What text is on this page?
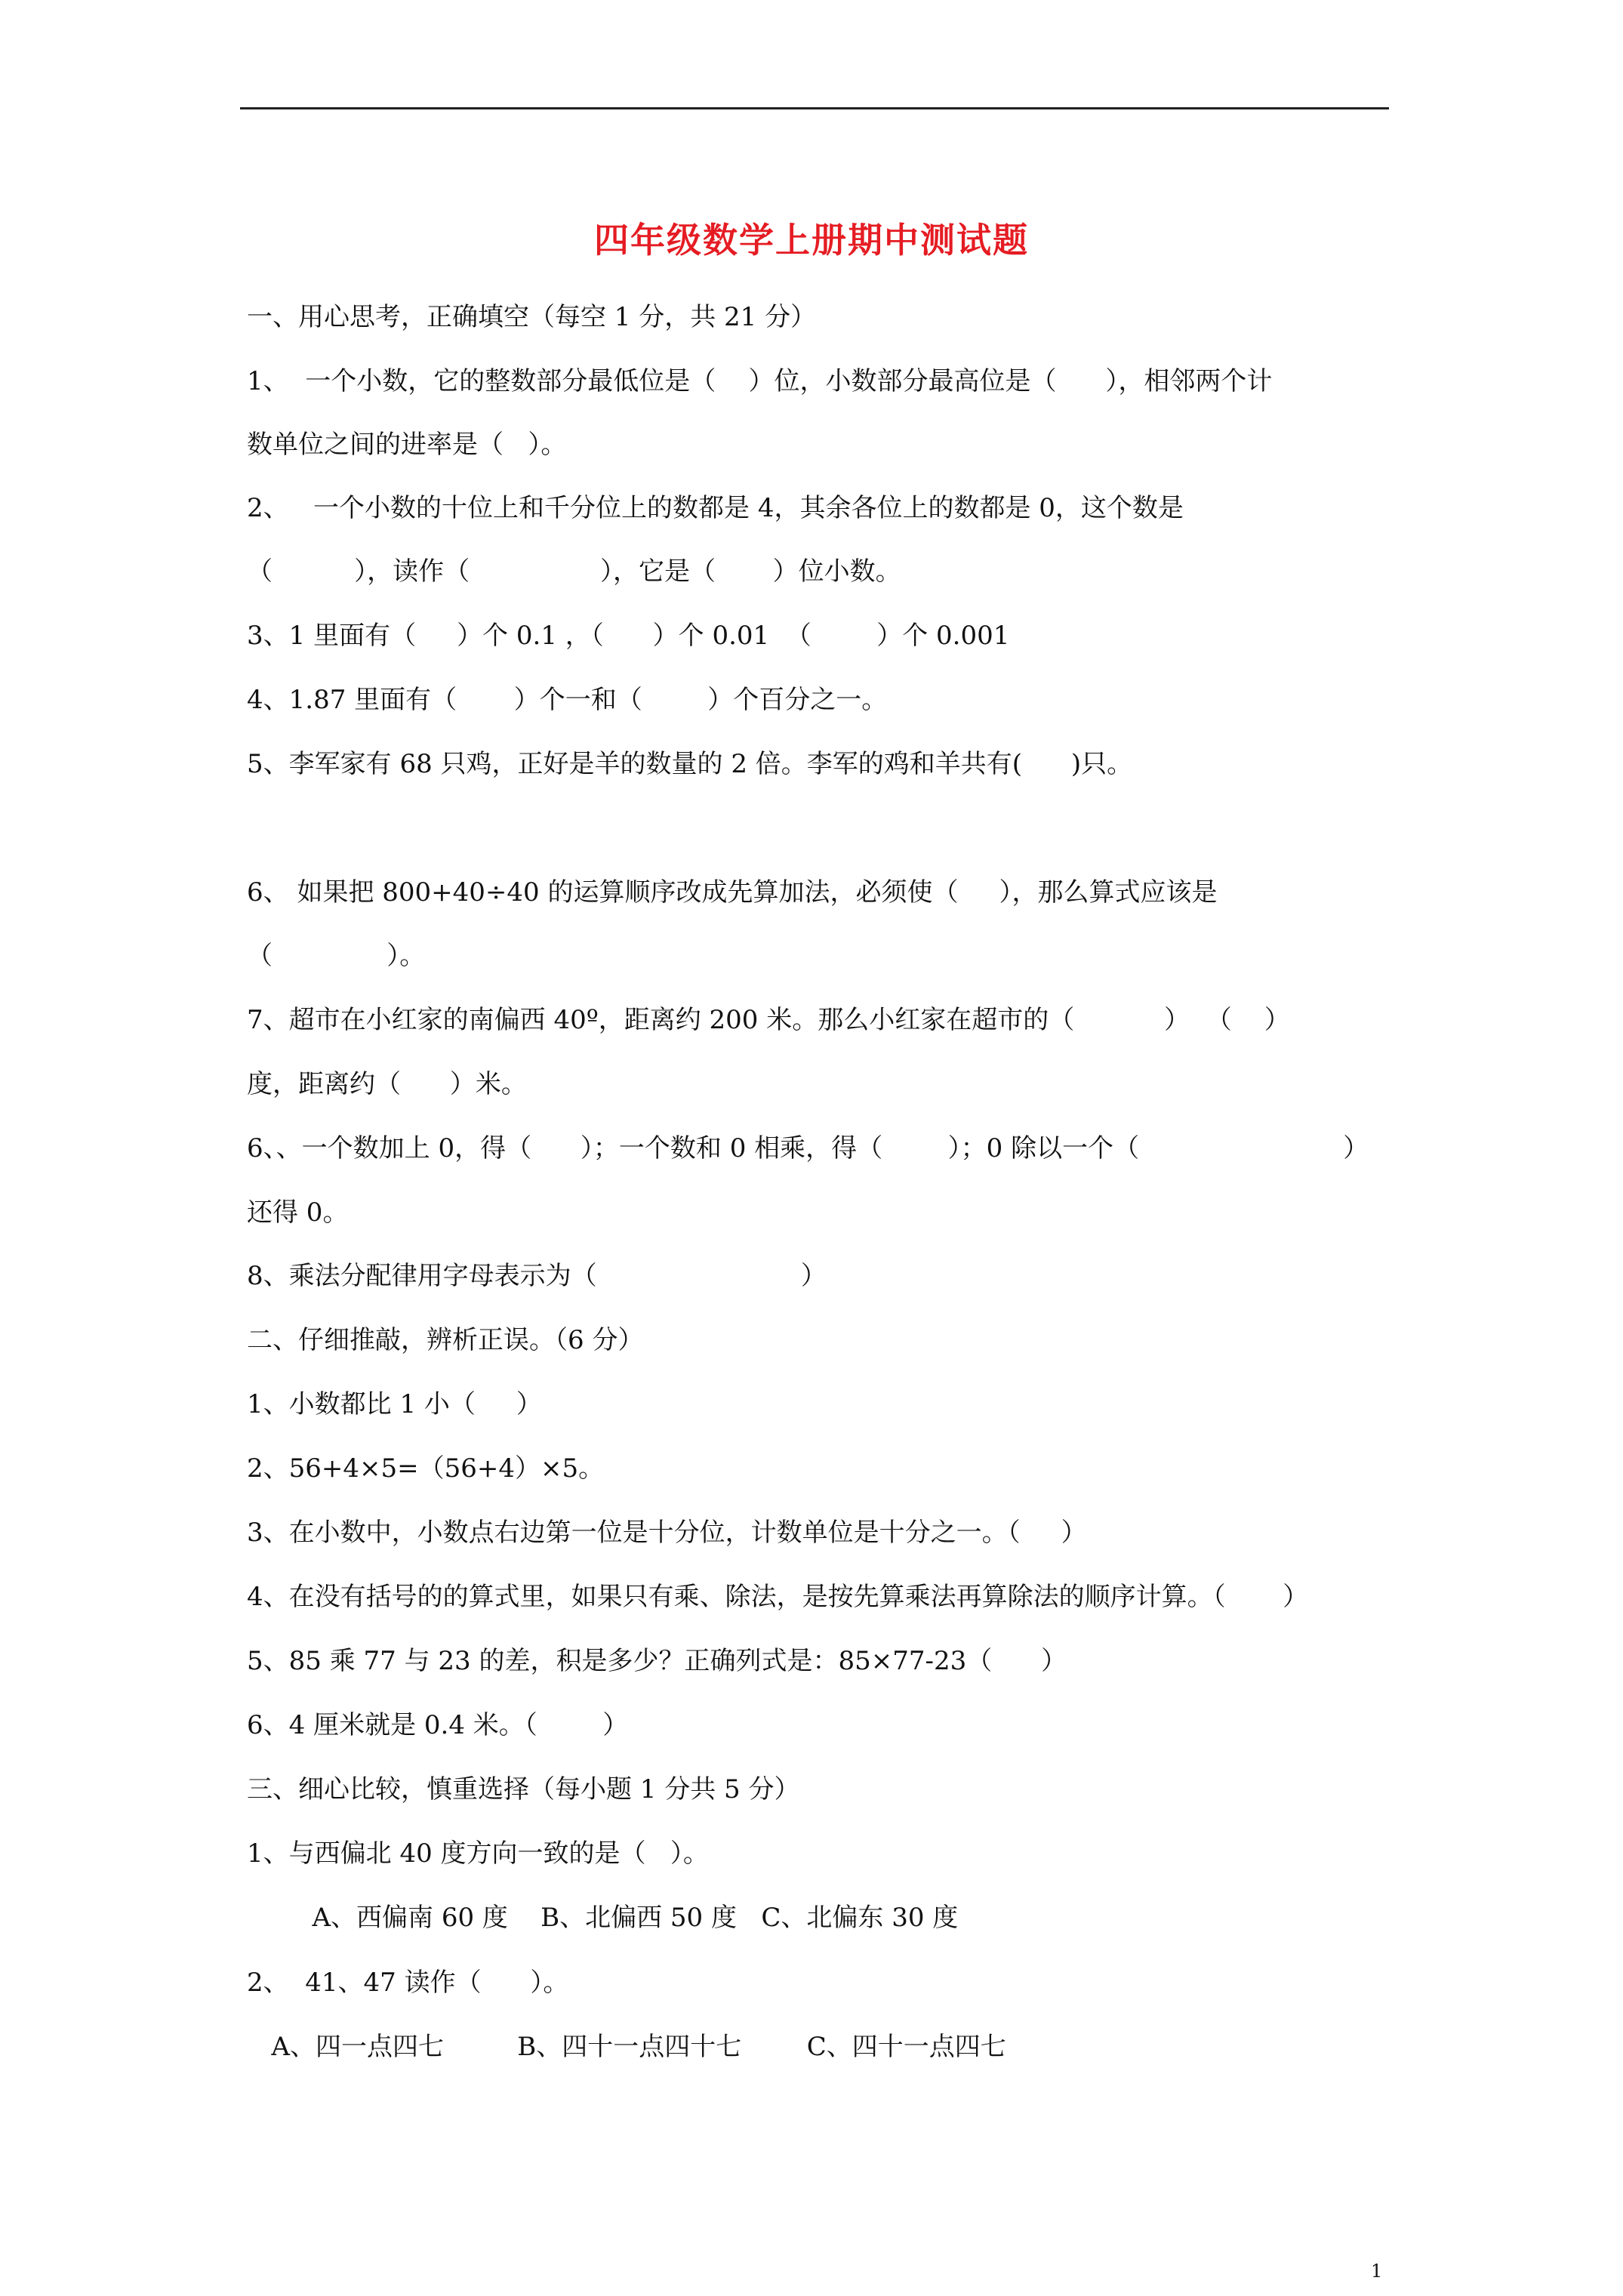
四年级数学上册期中测试题
一、用心思考，正确填空（每空 1 分，共 21 分）
1、  一个小数，它的整数部分最低位是（    ）位，小数部分最高位是（      ），相邻两个计
数单位之间的进率是（   ）。
2、   一个小数的十位上和千分位上的数都是 4，其余各位上的数都是 0，这个数是
（          ），读作（                ），它是（       ）位小数。
3、1 里面有（     ）个 0.1 ，（      ）个 0.01  （        ）个 0.001
4、1.87 里面有（       ）个一和（        ）个百分之一。
5、李军家有 68 只鸡，正好是羊的数量的 2 倍。李军的鸡和羊共有(      )只。
6、 如果把 800+40÷40 的运算顺序改成先算加法，必须使（     ），那么算式应该是
（              ）。
7、超市在小红家的南偏西 40º，距离约 200 米。那么小红家在超市的（           ）  （    ）
度，距离约（      ）米。
6、、一个数加上 0，得（      ）；一个数和 0 相乘，得（        ）；0 除以一个（                         ）
还得 0。
8、乘法分配律用字母表示为（                         ）
二、仔细推敲，辨析正误。（6 分）
1、小数都比 1 小（     ）
2、56+4×5=（56+4）×5。
3、在小数中，小数点右边第一位是十分位，计数单位是十分之一。（     ）
4、在没有括号的的算式里，如果只有乘、除法，是按先算乘法再算除法的顺序计算。（       ）
5、85 乘 77 与 23 的差，积是多少？正确列式是：85×77-23（      ）
6、4 厘米就是 0.4 米。（        ）
三、细心比较，慎重选择（每小题 1 分共 5 分）
1、与西偏北 40 度方向一致的是（   ）。
A、西偏南 60 度    B、北偏西 50 度   C、北偏东 30 度
2、  41、47 读作（      ）。
A、四一点四七         B、四十一点四十七        C、四十一点四七
1
